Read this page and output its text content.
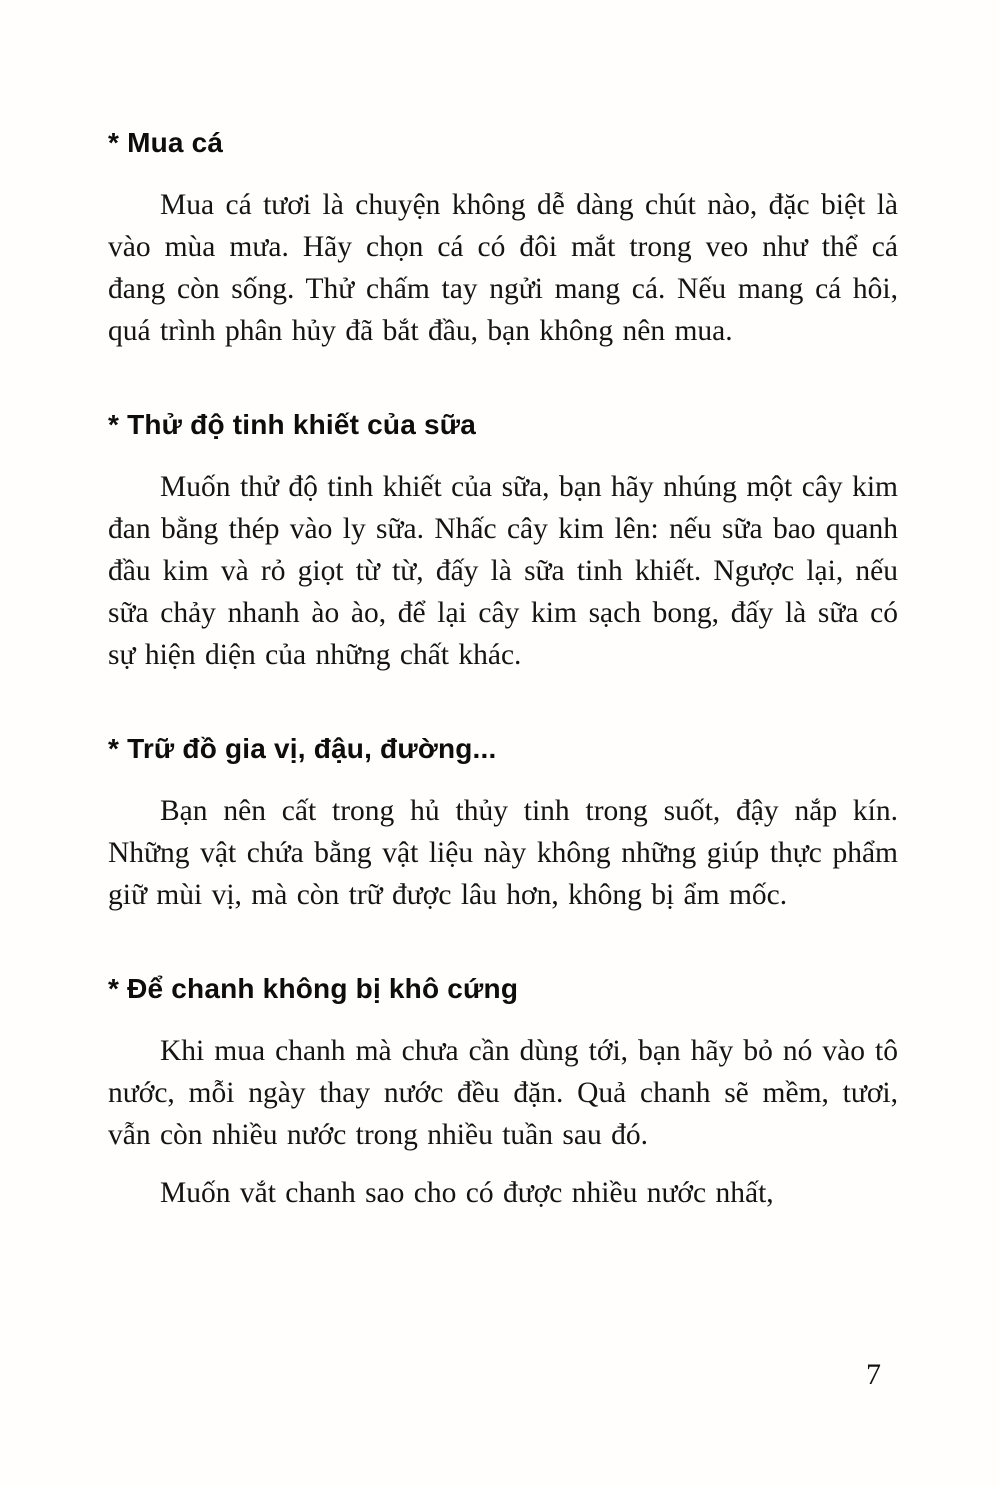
* Mua cá

Mua cá tươi là chuyện không dễ dàng chút nào, đặc biệt là vào mùa mưa. Hãy chọn cá có đôi mắt trong veo như thể cá đang còn sống. Thử chấm tay ngửi mang cá. Nếu mang cá hôi, quá trình phân hủy đã bắt đầu, bạn không nên mua.

* Thử độ tinh khiết của sữa

Muốn thử độ tinh khiết của sữa, bạn hãy nhúng một cây kim đan bằng thép vào ly sữa. Nhấc cây kim lên: nếu sữa bao quanh đầu kim và rỏ giọt từ từ, đấy là sữa tinh khiết. Ngược lại, nếu sữa chảy nhanh ào ào, để lại cây kim sạch bong, đấy là sữa có sự hiện diện của những chất khác.

* Trữ đồ gia vị, đậu, đường...

Bạn nên cất trong hủ thủy tinh trong suốt, đậy nắp kín. Những vật chứa bằng vật liệu này không những giúp thực phẩm giữ mùi vị, mà còn trữ được lâu hơn, không bị ẩm mốc.

* Để chanh không bị khô cứng

Khi mua chanh mà chưa cần dùng tới, bạn hãy bỏ nó vào tô nước, mỗi ngày thay nước đều đặn. Quả chanh sẽ mềm, tươi, vẫn còn nhiều nước trong nhiều tuần sau đó.

Muốn vắt chanh sao cho có được nhiều nước nhất,

7
